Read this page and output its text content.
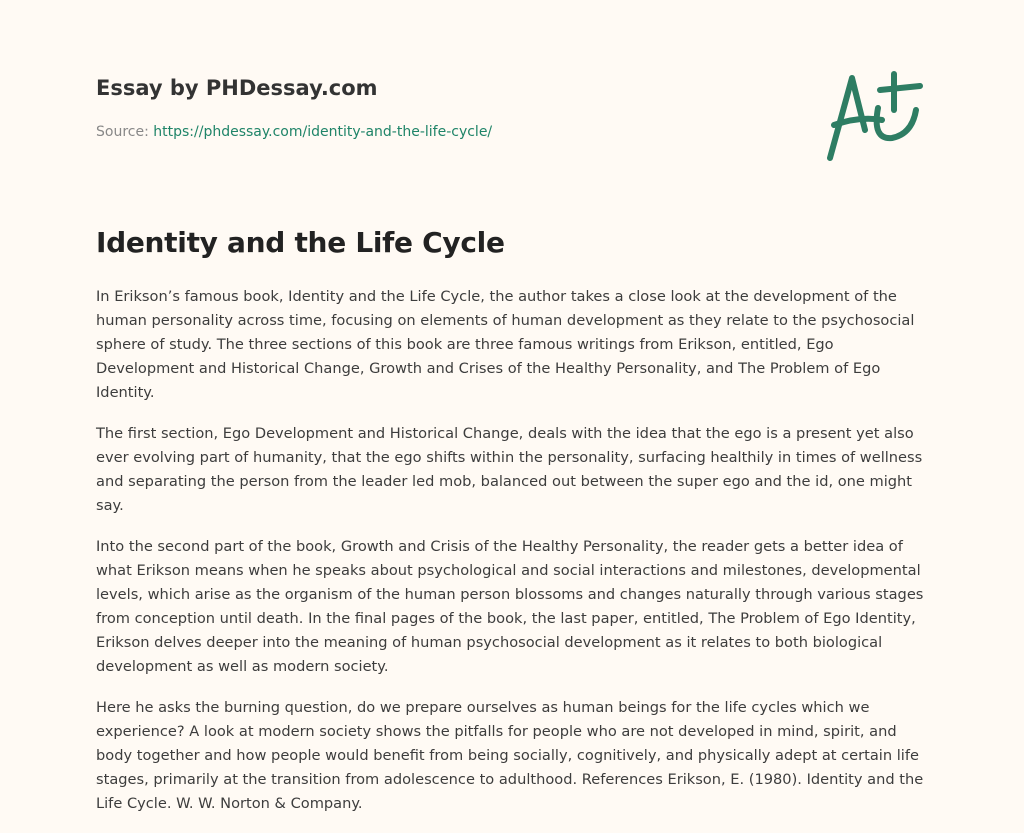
Essay by PHDessay.com
Source: https://phdessay.com/identity-and-the-life-cycle/
Identity and the Life Cycle

In Erikson’s famous book, Identity and the Life Cycle, the author takes a close look at the development of the human personality across time, focusing on elements of human development as they relate to the psychosocial sphere of study. The three sections of this book are three famous writings from Erikson, entitled, Ego Development and Historical Change, Growth and Crises of the Healthy Personality, and The Problem of Ego Identity.

The first section, Ego Development and Historical Change, deals with the idea that the ego is a present yet also ever evolving part of humanity, that the ego shifts within the personality, surfacing healthily in times of wellness and separating the person from the leader led mob, balanced out between the super ego and the id, one might say.

Into the second part of the book, Growth and Crisis of the Healthy Personality, the reader gets a better idea of what Erikson means when he speaks about psychological and social interactions and milestones, developmental levels, which arise as the organism of the human person blossoms and changes naturally through various stages from conception until death. In the final pages of the book, the last paper, entitled, The Problem of Ego Identity, Erikson delves deeper into the meaning of human psychosocial development as it relates to both biological development as well as modern society.

Here he asks the burning question, do we prepare ourselves as human beings for the life cycles which we experience? A look at modern society shows the pitfalls for people who are not developed in mind, spirit, and body together and how people would benefit from being socially, cognitively, and physically adept at certain life stages, primarily at the transition from adolescence to adulthood. References Erikson, E. (1980). Identity and the Life Cycle. W. W. Norton & Company.
